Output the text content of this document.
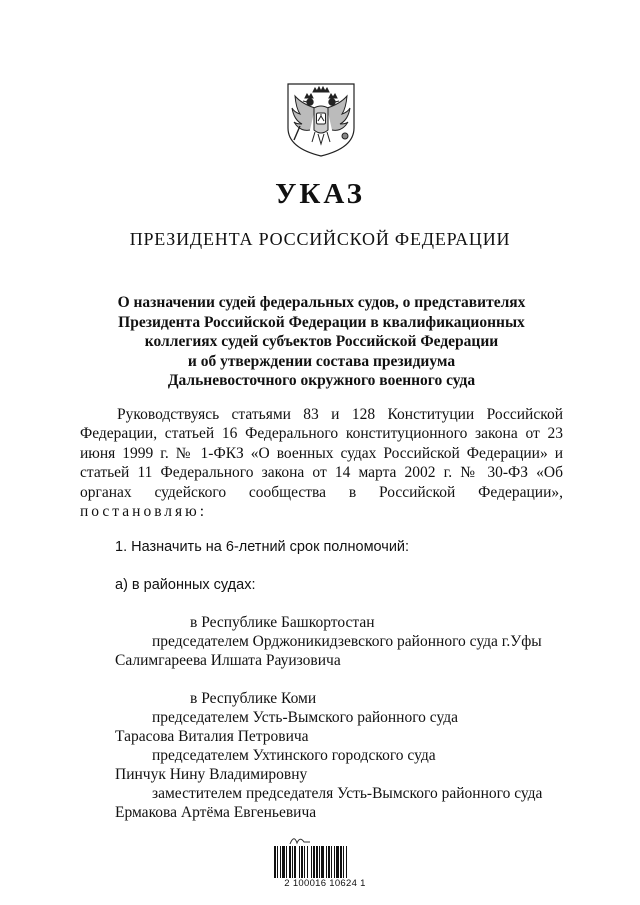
УКАЗ
ПРЕЗИДЕНТА РОССИЙСКОЙ ФЕДЕРАЦИИ
О назначении судей федеральных судов, о представителях
Президента Российской Федерации в квалификационных
коллегиях судей субъектов Российской Федерации
и об утверждении состава президиума
Дальневосточного окружного военного суда
Руководствуясь статьями 83 и 128 Конституции Российской Федерации, статьей 16 Федерального конституционного закона от 23 июня 1999 г. № 1-ФКЗ «О военных судах Российской Федерации» и статьей 11 Федерального закона от 14 марта 2002 г. № 30-ФЗ «Об органах судейского сообщества в Российской Федерации», постановляю:
1. Назначить на 6-летний срок полномочий:
а) в районных судах:
в Республике Башкортостан
председателем Орджоникидзевского районного суда г.Уфы
Салимгареева Илшата Рауизовича
в Республике Коми
председателем Усть-Вымского районного суда
Тарасова Виталия Петровича
председателем Ухтинского городского суда
Пинчук Нину Владимировну
заместителем председателя Усть-Вымского районного суда
Ермакова Артёма Евгеньевича
2 100016 10624 1
